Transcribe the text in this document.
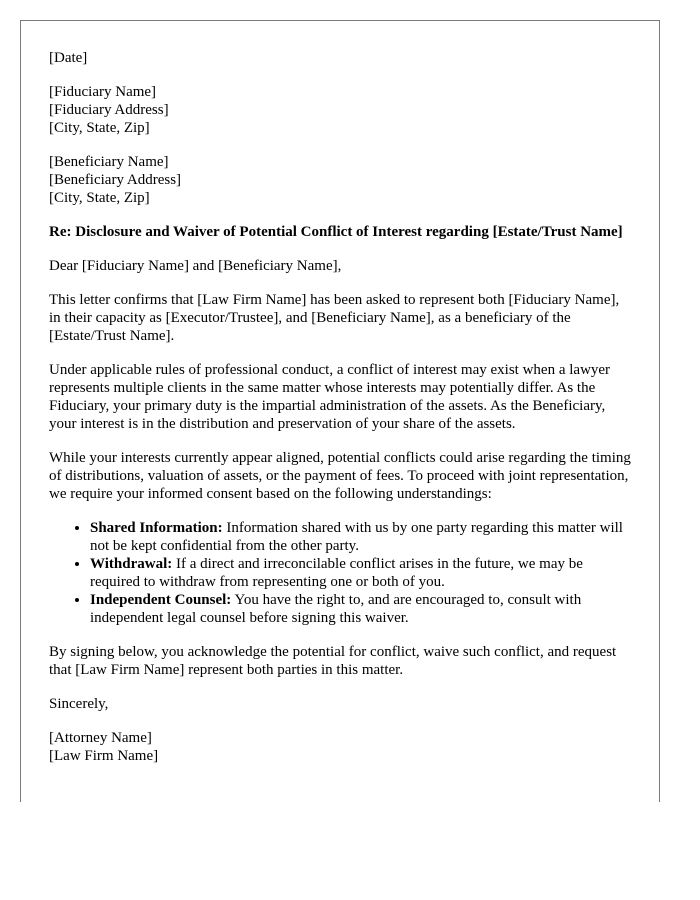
[Date]

[Fiduciary Name]

[Fiduciary Address]

[City, State, Zip]

[Beneficiary Name]

[Beneficiary Address]

[City, State, Zip]

Re: Disclosure and Waiver of Potential Conflict of Interest regarding [Estate/Trust Name]

Dear [Fiduciary Name] and [Beneficiary Name],

This letter confirms that [Law Firm Name] has been asked to represent both [Fiduciary Name], in their capacity as [Executor/Trustee], and [Beneficiary Name], as a beneficiary of the [Estate/Trust Name].

Under applicable rules of professional conduct, a conflict of interest may exist when a lawyer represents multiple clients in the same matter whose interests may potentially differ. As the Fiduciary, your primary duty is the impartial administration of the assets. As the Beneficiary, your interest is in the distribution and preservation of your share of the assets.

While your interests currently appear aligned, potential conflicts could arise regarding the timing of distributions, valuation of assets, or the payment of fees. To proceed with joint representation, we require your informed consent based on the following understandings:

• Shared Information: Information shared with us by one party regarding this matter will not be kept confidential from the other party.
• Withdrawal: If a direct and irreconcilable conflict arises in the future, we may be required to withdraw from representing one or both of you.
• Independent Counsel: You have the right to, and are encouraged to, consult with independent legal counsel before signing this waiver.

By signing below, you acknowledge the potential for conflict, waive such conflict, and request that [Law Firm Name] represent both parties in this matter.

Sincerely,

[Attorney Name]

[Law Firm Name]
